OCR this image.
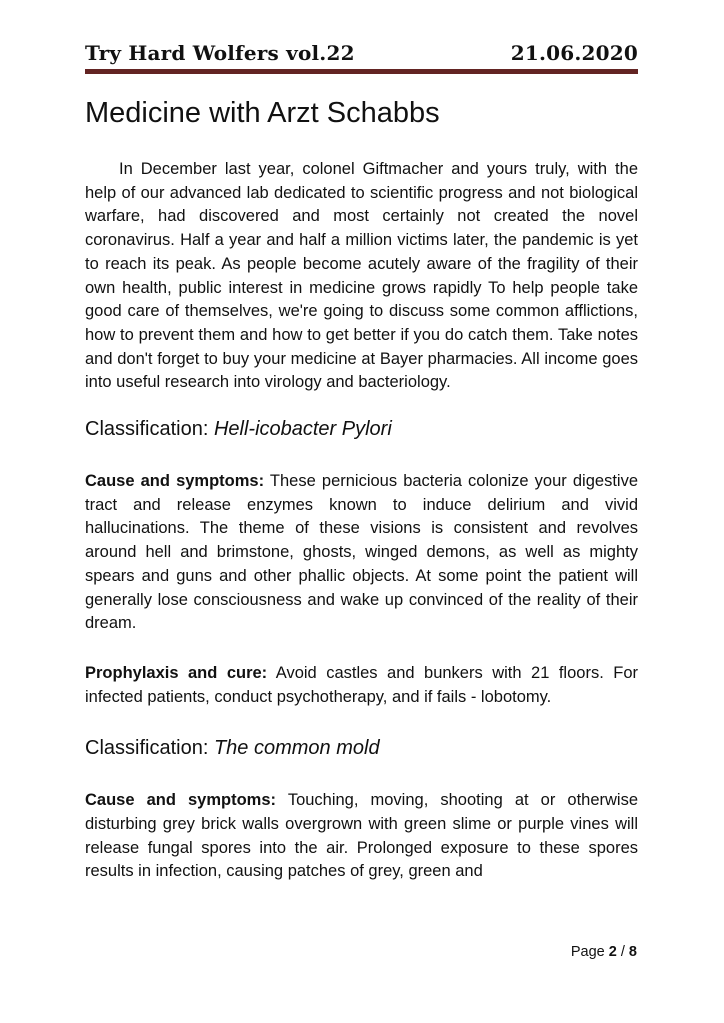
Try Hard Wolfers vol.22	21.06.2020
Medicine with Arzt Schabbs

In December last year, colonel Giftmacher and yours truly, with the help of our advanced lab dedicated to scientific progress and not biological warfare, had discovered and most certainly not created the novel coronavirus. Half a year and half a million victims later, the pandemic is yet to reach its peak. As people become acutely aware of the fragility of their own health, public interest in medicine grows rapidly To help people take good care of themselves, we're going to discuss some common afflictions, how to prevent them and how to get better if you do catch them. Take notes and don't forget to buy your medicine at Bayer pharmacies. All income goes into useful research into virology and bacteriology.

Classification: Hell-icobacter Pylori

Cause and symptoms: These pernicious bacteria colonize your digestive tract and release enzymes known to induce delirium and vivid hallucinations. The theme of these visions is consistent and revolves around hell and brimstone, ghosts, winged demons, as well as mighty spears and guns and other phallic objects. At some point the patient will generally lose consciousness and wake up convinced of the reality of their dream.

Prophylaxis and cure: Avoid castles and bunkers with 21 floors. For infected patients, conduct psychotherapy, and if fails - lobotomy.

Classification: The common mold

Cause and symptoms: Touching, moving, shooting at or otherwise disturbing grey brick walls overgrown with green slime or purple vines will release fungal spores into the air. Prolonged exposure to these spores results in infection, causing patches of grey, green and

Page 2 / 8
